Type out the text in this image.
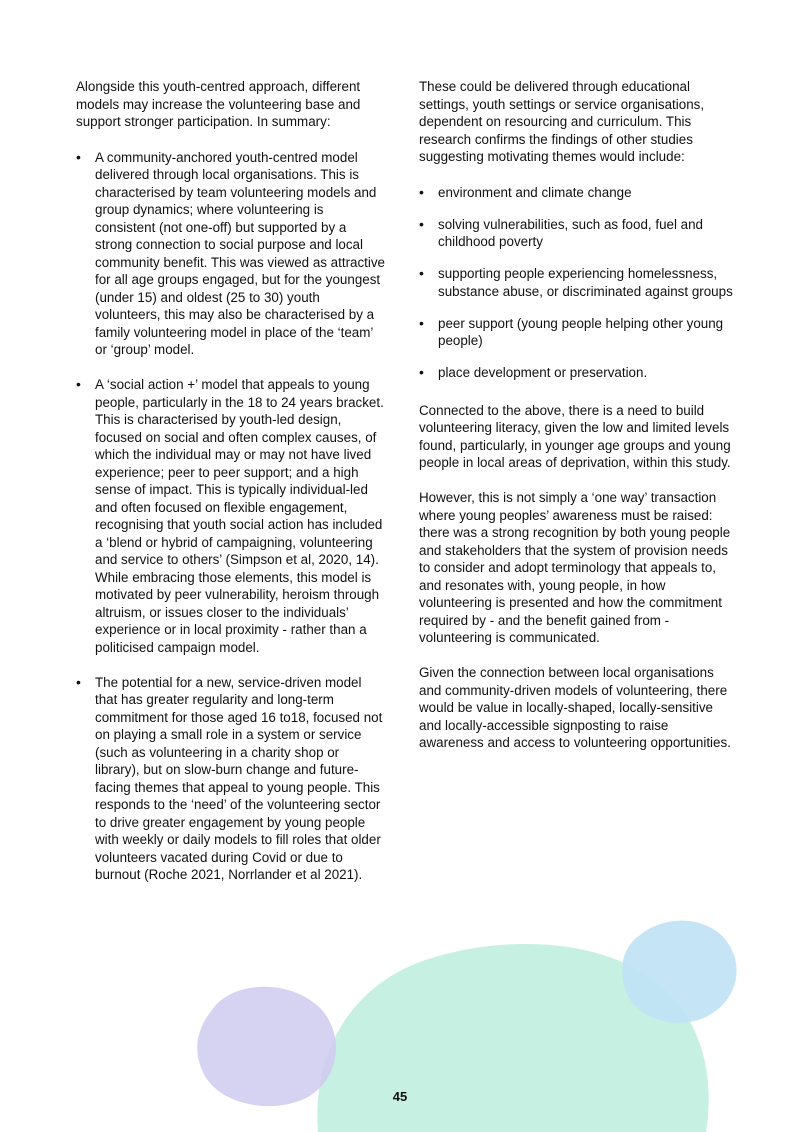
Alongside this youth-centred approach, different models may increase the volunteering base and support stronger participation. In summary:

• A community-anchored youth-centred model delivered through local organisations. This is characterised by team volunteering models and group dynamics; where volunteering is consistent (not one-off) but supported by a strong connection to social purpose and local community benefit. This was viewed as attractive for all age groups engaged, but for the youngest (under 15) and oldest (25 to 30) youth volunteers, this may also be characterised by a family volunteering model in place of the ‘team’ or ‘group’ model.
• A ‘social action +’ model that appeals to young people, particularly in the 18 to 24 years bracket. This is characterised by youth-led design, focused on social and often complex causes, of which the individual may or may not have lived experience; peer to peer support; and a high sense of impact. This is typically individual-led and often focused on flexible engagement, recognising that youth social action has included a ‘blend or hybrid of campaigning, volunteering and service to others’ (Simpson et al, 2020, 14). While embracing those elements, this model is motivated by peer vulnerability, heroism through altruism, or issues closer to the individuals’ experience or in local proximity - rather than a politicised campaign model.
• The potential for a new, service-driven model that has greater regularity and long-term commitment for those aged 16 to18, focused not on playing a small role in a system or service (such as volunteering in a charity shop or library), but on slow-burn change and future-facing themes that appeal to young people. This responds to the ‘need’ of the volunteering sector to drive greater engagement by young people with weekly or daily models to fill roles that older volunteers vacated during Covid or due to burnout (Roche 2021, Norrlander et al 2021).

These could be delivered through educational settings, youth settings or service organisations, dependent on resourcing and curriculum. This research confirms the findings of other studies suggesting motivating themes would include:

• environment and climate change
• solving vulnerabilities, such as food, fuel and childhood poverty
• supporting people experiencing homelessness, substance abuse, or discriminated against groups
• peer support (young people helping other young people)
• place development or preservation.

Connected to the above, there is a need to build volunteering literacy, given the low and limited levels found, particularly, in younger age groups and young people in local areas of deprivation, within this study.

However, this is not simply a ‘one way’ transaction where young peoples’ awareness must be raised: there was a strong recognition by both young people and stakeholders that the system of provision needs to consider and adopt terminology that appeals to, and resonates with, young people, in how volunteering is presented and how the commitment required by - and the benefit gained from - volunteering is communicated.

Given the connection between local organisations and community-driven models of volunteering, there would be value in locally-shaped, locally-sensitive and locally-accessible signposting to raise awareness and access to volunteering opportunities.

45
